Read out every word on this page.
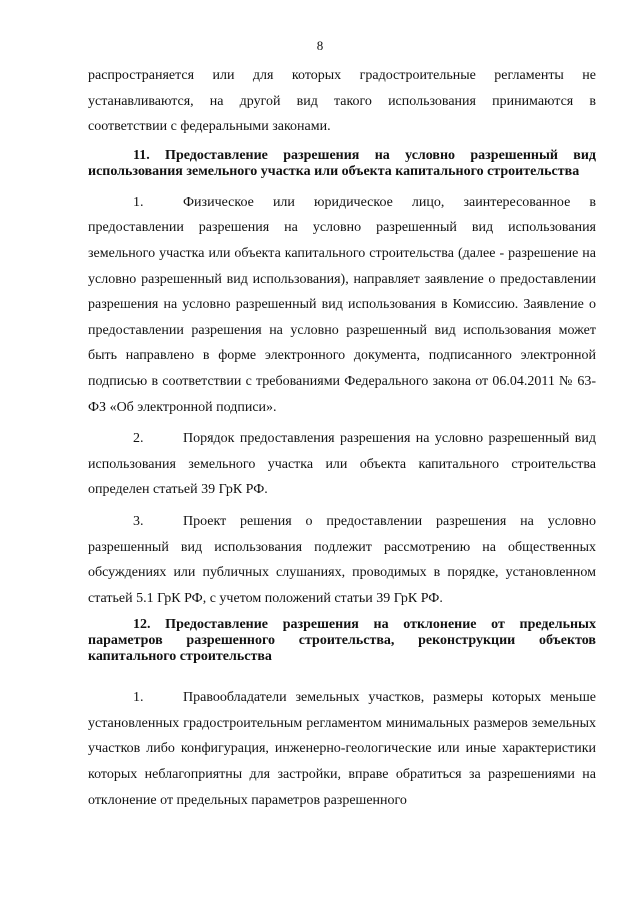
8

распространяется или для которых градостроительные регламенты не

устанавливаются, на другой вид такого использования принимаются в

соответствии с федеральными законами.

11. Предоставление разрешения на условно разрешенный вид использования земельного участка или объекта капитального строительства

1.	Физическое или юридическое лицо, заинтересованное в предоставлении разрешения на условно разрешенный вид использования земельного участка или объекта капитального строительства (далее - разрешение на условно разрешенный вид использования), направляет заявление о предоставлении разрешения на условно разрешенный вид использования в Комиссию. Заявление о предоставлении разрешения на условно разрешенный вид использования может быть направлено в форме электронного документа, подписанного электронной подписью в соответствии с требованиями Федерального закона от 06.04.2011 № 63-ФЗ «Об электронной подписи».

2.	Порядок предоставления разрешения на условно разрешенный вид использования земельного участка или объекта капитального строительства определен статьей 39 ГрК РФ.

3.	Проект решения о предоставлении разрешения на условно разрешенный вид использования подлежит рассмотрению на общественных обсуждениях или публичных слушаниях, проводимых в порядке, установленном статьей 5.1 ГрК РФ, с учетом положений статьи 39 ГрК РФ.

12. Предоставление разрешения на отклонение от предельных параметров разрешенного строительства, реконструкции объектов капитального строительства

1.	Правообладатели земельных участков, размеры которых меньше установленных градостроительным регламентом минимальных размеров земельных участков либо конфигурация, инженерно-геологические или иные характеристики которых неблагоприятны для застройки, вправе обратиться за разрешениями на отклонение от предельных параметров разрешенного
